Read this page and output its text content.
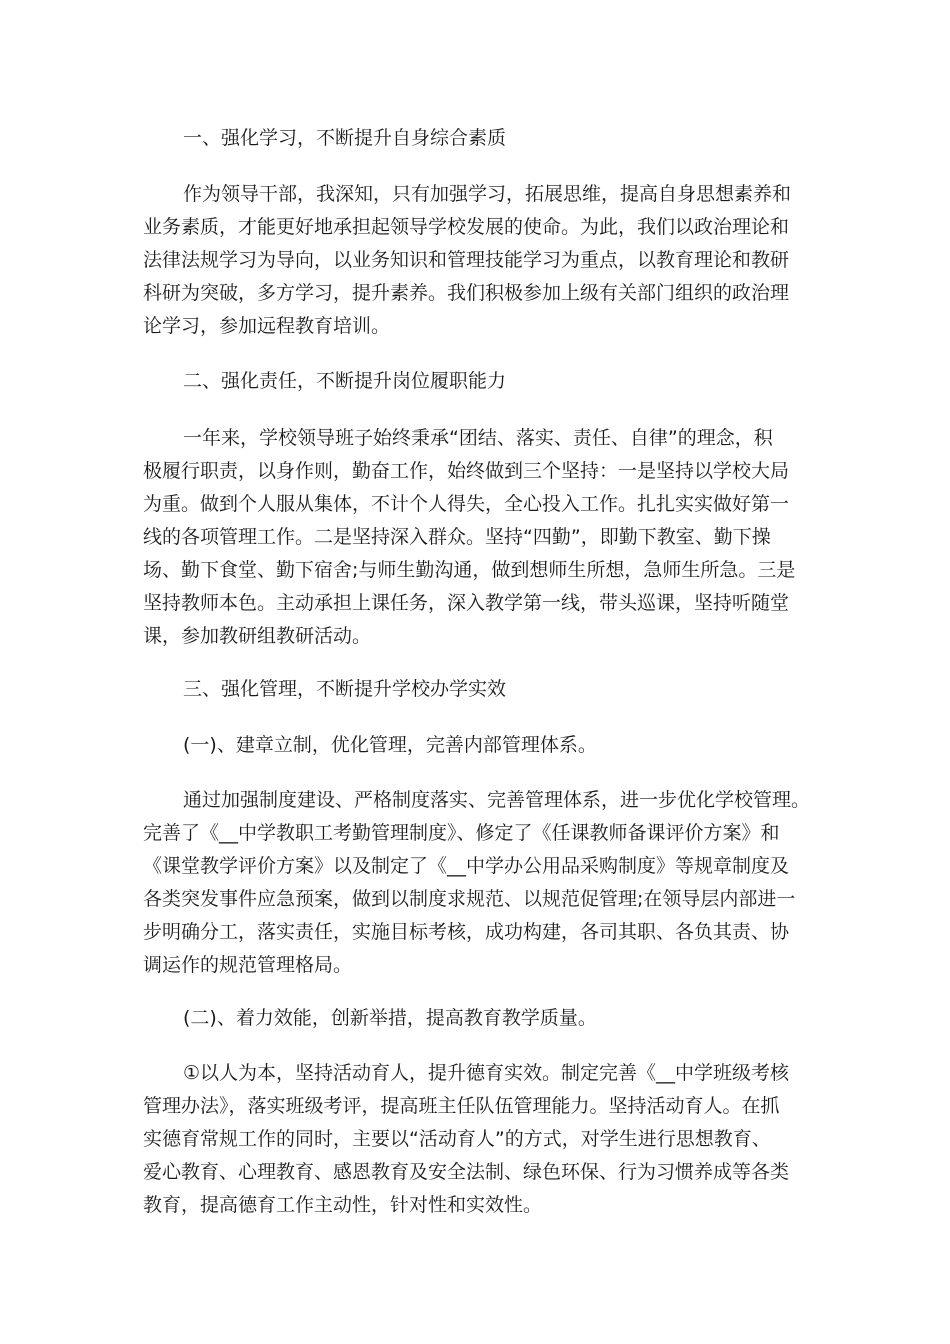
一、强化学习，不断提升自身综合素质
作为领导干部，我深知，只有加强学习，拓展思维，提高自身思想素养和
业务素质，才能更好地承担起领导学校发展的使命。为此，我们以政治理论和
法律法规学习为导向，以业务知识和管理技能学习为重点，以教育理论和教研
科研为突破，多方学习，提升素养。我们积极参加上级有关部门组织的政治理
论学习，参加远程教育培训。
二、强化责任，不断提升岗位履职能力
一年来，学校领导班子始终秉承“团结、落实、责任、自律”的理念，积
极履行职责，以身作则，勤奋工作，始终做到三个坚持：一是坚持以学校大局
为重。做到个人服从集体，不计个人得失，全心投入工作。扎扎实实做好第一
线的各项管理工作。二是坚持深入群众。坚持“四勤”，即勤下教室、勤下操
场、勤下食堂、勤下宿舍;与师生勤沟通，做到想师生所想，急师生所急。三是
坚持教师本色。主动承担上课任务，深入教学第一线，带头巡课，坚持听随堂
课，参加教研组教研活动。
三、强化管理，不断提升学校办学实效
(一)、建章立制，优化管理，完善内部管理体系。
通过加强制度建设、严格制度落实、完善管理体系，进一步优化学校管理。
完善了《__中学教职工考勤管理制度》、修定了《任课教师备课评价方案》和
《课堂教学评价方案》以及制定了《__中学办公用品采购制度》等规章制度及
各类突发事件应急预案，做到以制度求规范、以规范促管理;在领导层内部进一
步明确分工，落实责任，实施目标考核，成功构建，各司其职、各负其责、协
调运作的规范管理格局。
(二)、着力效能，创新举措，提高教育教学质量。
①以人为本，坚持活动育人，提升德育实效。制定完善《__中学班级考核
管理办法》，落实班级考评，提高班主任队伍管理能力。坚持活动育人。在抓
实德育常规工作的同时，主要以“活动育人”的方式，对学生进行思想教育、
爱心教育、心理教育、感恩教育及安全法制、绿色环保、行为习惯养成等各类
教育，提高德育工作主动性，针对性和实效性。
